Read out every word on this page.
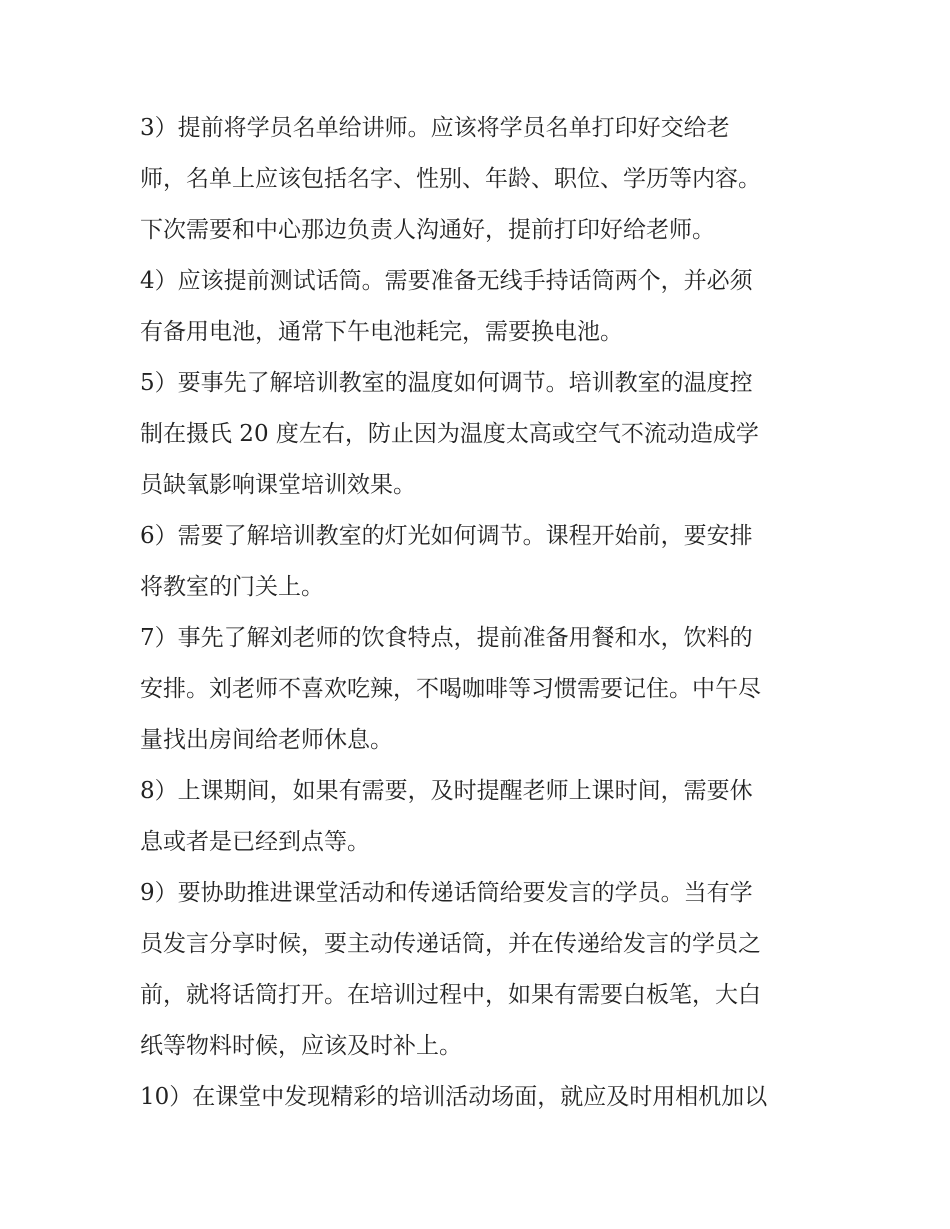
3）提前将学员名单给讲师。应该将学员名单打印好交给老
师，名单上应该包括名字、性别、年龄、职位、学历等内容。
下次需要和中心那边负责人沟通好，提前打印好给老师。
4）应该提前测试话筒。需要准备无线手持话筒两个，并必须
有备用电池，通常下午电池耗完，需要换电池。
5）要事先了解培训教室的温度如何调节。培训教室的温度控
制在摄氏 20 度左右，防止因为温度太高或空气不流动造成学
员缺氧影响课堂培训效果。
6）需要了解培训教室的灯光如何调节。课程开始前，要安排
将教室的门关上。
7）事先了解刘老师的饮食特点，提前准备用餐和水，饮料的
安排。刘老师不喜欢吃辣，不喝咖啡等习惯需要记住。中午尽
量找出房间给老师休息。
8）上课期间，如果有需要，及时提醒老师上课时间，需要休
息或者是已经到点等。
9）要协助推进课堂活动和传递话筒给要发言的学员。当有学
员发言分享时候，要主动传递话筒，并在传递给发言的学员之
前，就将话筒打开。在培训过程中，如果有需要白板笔，大白
纸等物料时候，应该及时补上。
10）在课堂中发现精彩的培训活动场面，就应及时用相机加以
